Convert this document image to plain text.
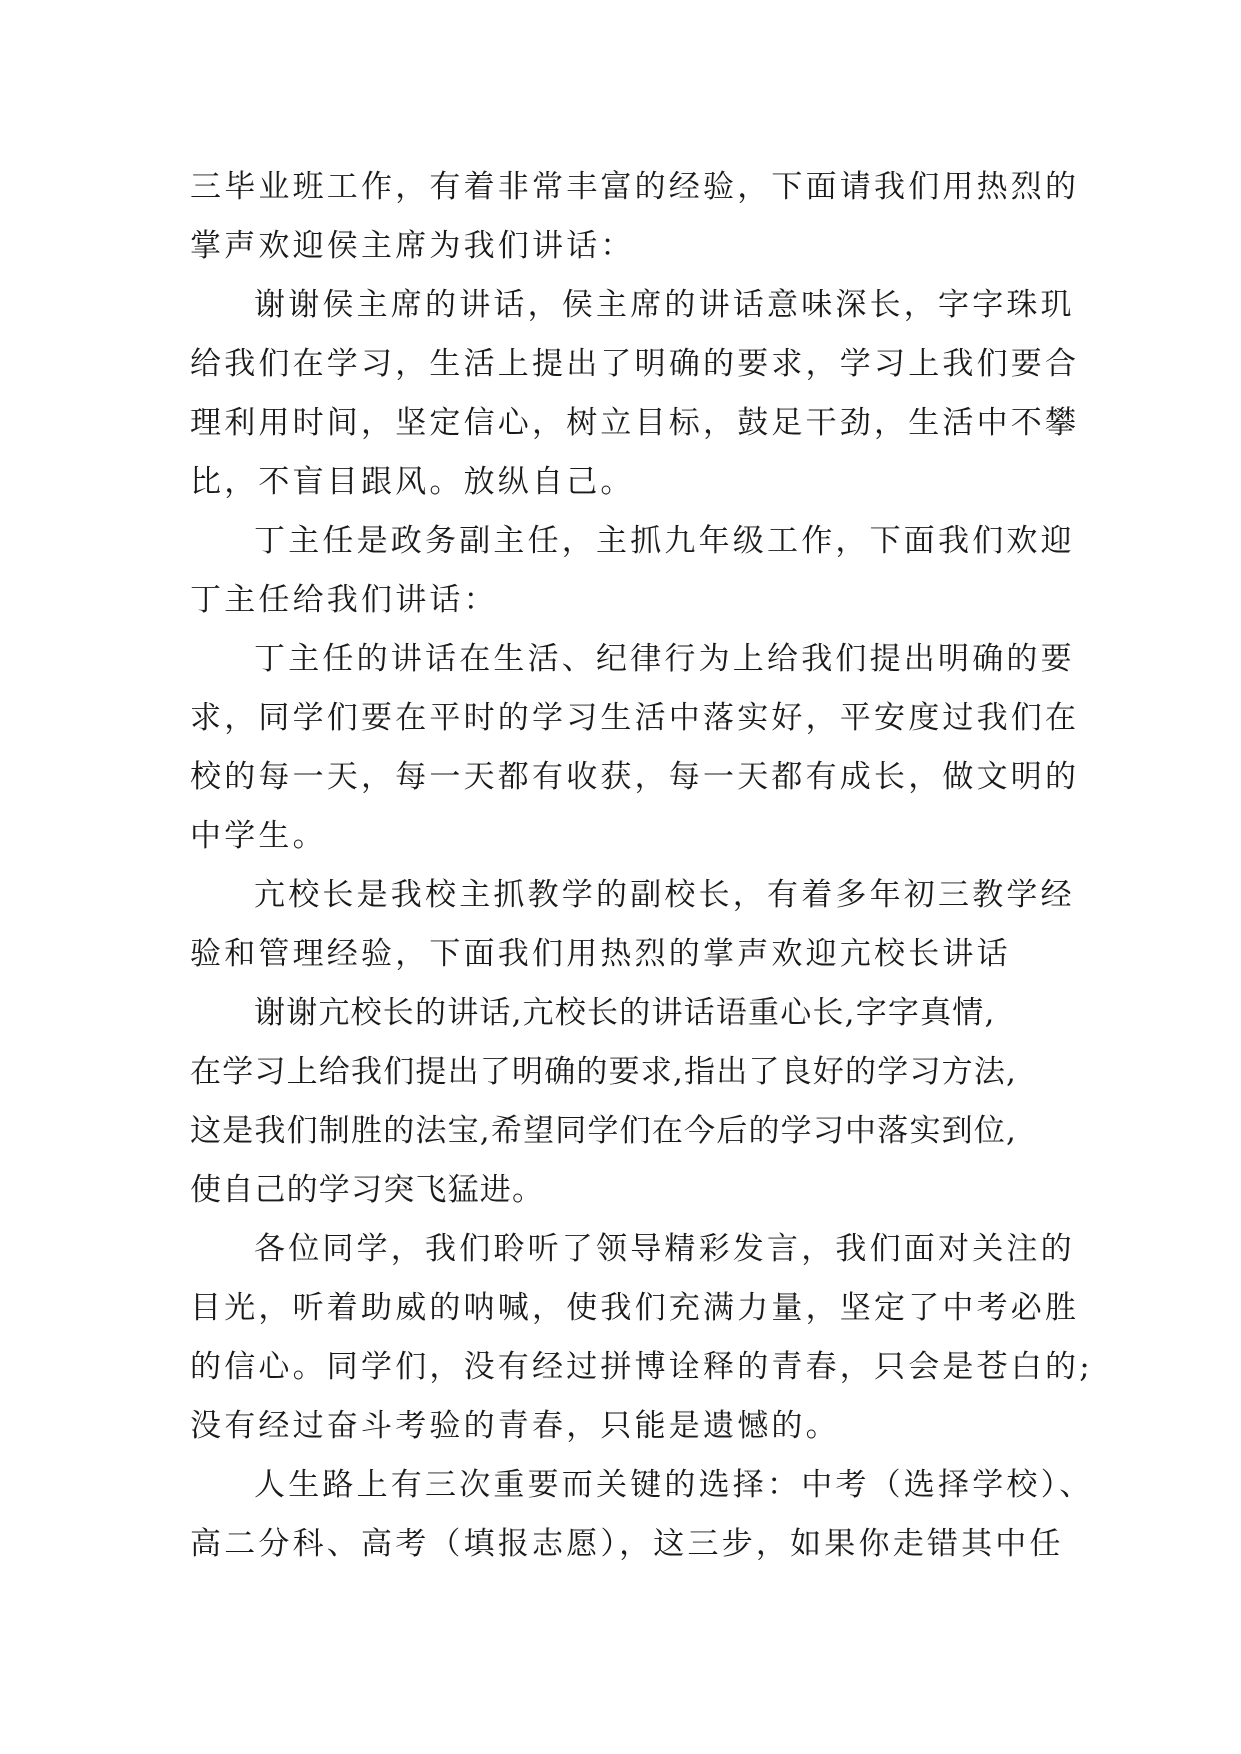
三毕业班工作，有着非常丰富的经验，下面请我们用热烈的
掌声欢迎侯主席为我们讲话：
谢谢侯主席的讲话，侯主席的讲话意味深长，字字珠玑
给我们在学习，生活上提出了明确的要求，学习上我们要合
理利用时间，坚定信心，树立目标，鼓足干劲，生活中不攀
比，不盲目跟风。放纵自己。
丁主任是政务副主任，主抓九年级工作，下面我们欢迎
丁主任给我们讲话：
丁主任的讲话在生活、纪律行为上给我们提出明确的要
求，同学们要在平时的学习生活中落实好，平安度过我们在
校的每一天，每一天都有收获，每一天都有成长，做文明的
中学生。
亢校长是我校主抓教学的副校长，有着多年初三教学经
验和管理经验，下面我们用热烈的掌声欢迎亢校长讲话
谢谢亢校长的讲话,亢校长的讲话语重心长,字字真情,
在学习上给我们提出了明确的要求,指出了良好的学习方法,
这是我们制胜的法宝,希望同学们在今后的学习中落实到位,
使自己的学习突飞猛进。
各位同学，我们聆听了领导精彩发言，我们面对关注的
目光，听着助威的呐喊，使我们充满力量，坚定了中考必胜
的信心。同学们，没有经过拼博诠释的青春，只会是苍白的;
没有经过奋斗考验的青春，只能是遗憾的。
人生路上有三次重要而关键的选择：中考（选择学校）、
高二分科、高考（填报志愿），这三步，如果你走错其中任
